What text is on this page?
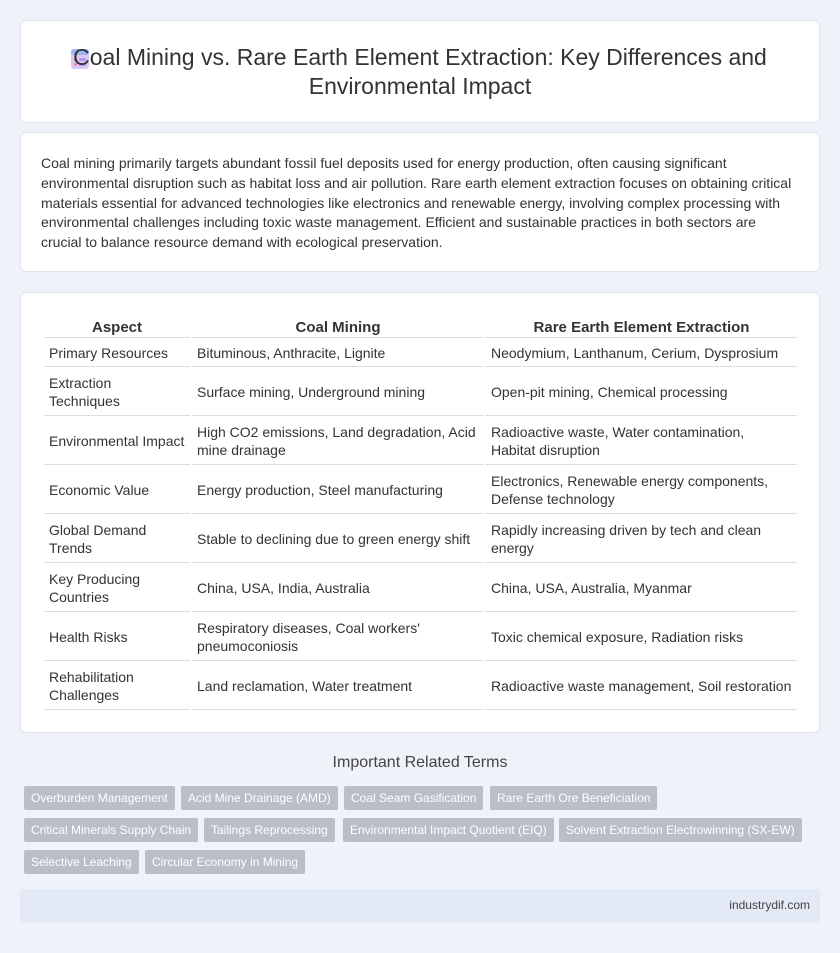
Coal Mining vs. Rare Earth Element Extraction: Key Differences and Environmental Impact

Coal mining primarily targets abundant fossil fuel deposits used for energy production, often causing significant environmental disruption such as habitat loss and air pollution. Rare earth element extraction focuses on obtaining critical materials essential for advanced technologies like electronics and renewable energy, involving complex processing with environmental challenges including toxic waste management. Efficient and sustainable practices in both sectors are crucial to balance resource demand with ecological preservation.

Aspect	Coal Mining	Rare Earth Element Extraction
Primary Resources	Bituminous, Anthracite, Lignite	Neodymium, Lanthanum, Cerium, Dysprosium
Extraction Techniques	Surface mining, Underground mining	Open-pit mining, Chemical processing
Environmental Impact	High CO2 emissions, Land degradation, Acid mine drainage	Radioactive waste, Water contamination, Habitat disruption
Economic Value	Energy production, Steel manufacturing	Electronics, Renewable energy components, Defense technology
Global Demand Trends	Stable to declining due to green energy shift	Rapidly increasing driven by tech and clean energy
Key Producing Countries	China, USA, India, Australia	China, USA, Australia, Myanmar
Health Risks	Respiratory diseases, Coal workers' pneumoconiosis	Toxic chemical exposure, Radiation risks
Rehabilitation Challenges	Land reclamation, Water treatment	Radioactive waste management, Soil restoration
Important Related Terms
Overburden Management	Acid Mine Drainage (AMD)	Coal Seam Gasification	Rare Earth Ore Beneficiation
Critical Minerals Supply Chain	Tailings Reprocessing	Environmental Impact Quotient (EIQ)	Solvent Extraction Electrowinning (SX-EW)
Selective Leaching	Circular Economy in Mining
industrydif.com
